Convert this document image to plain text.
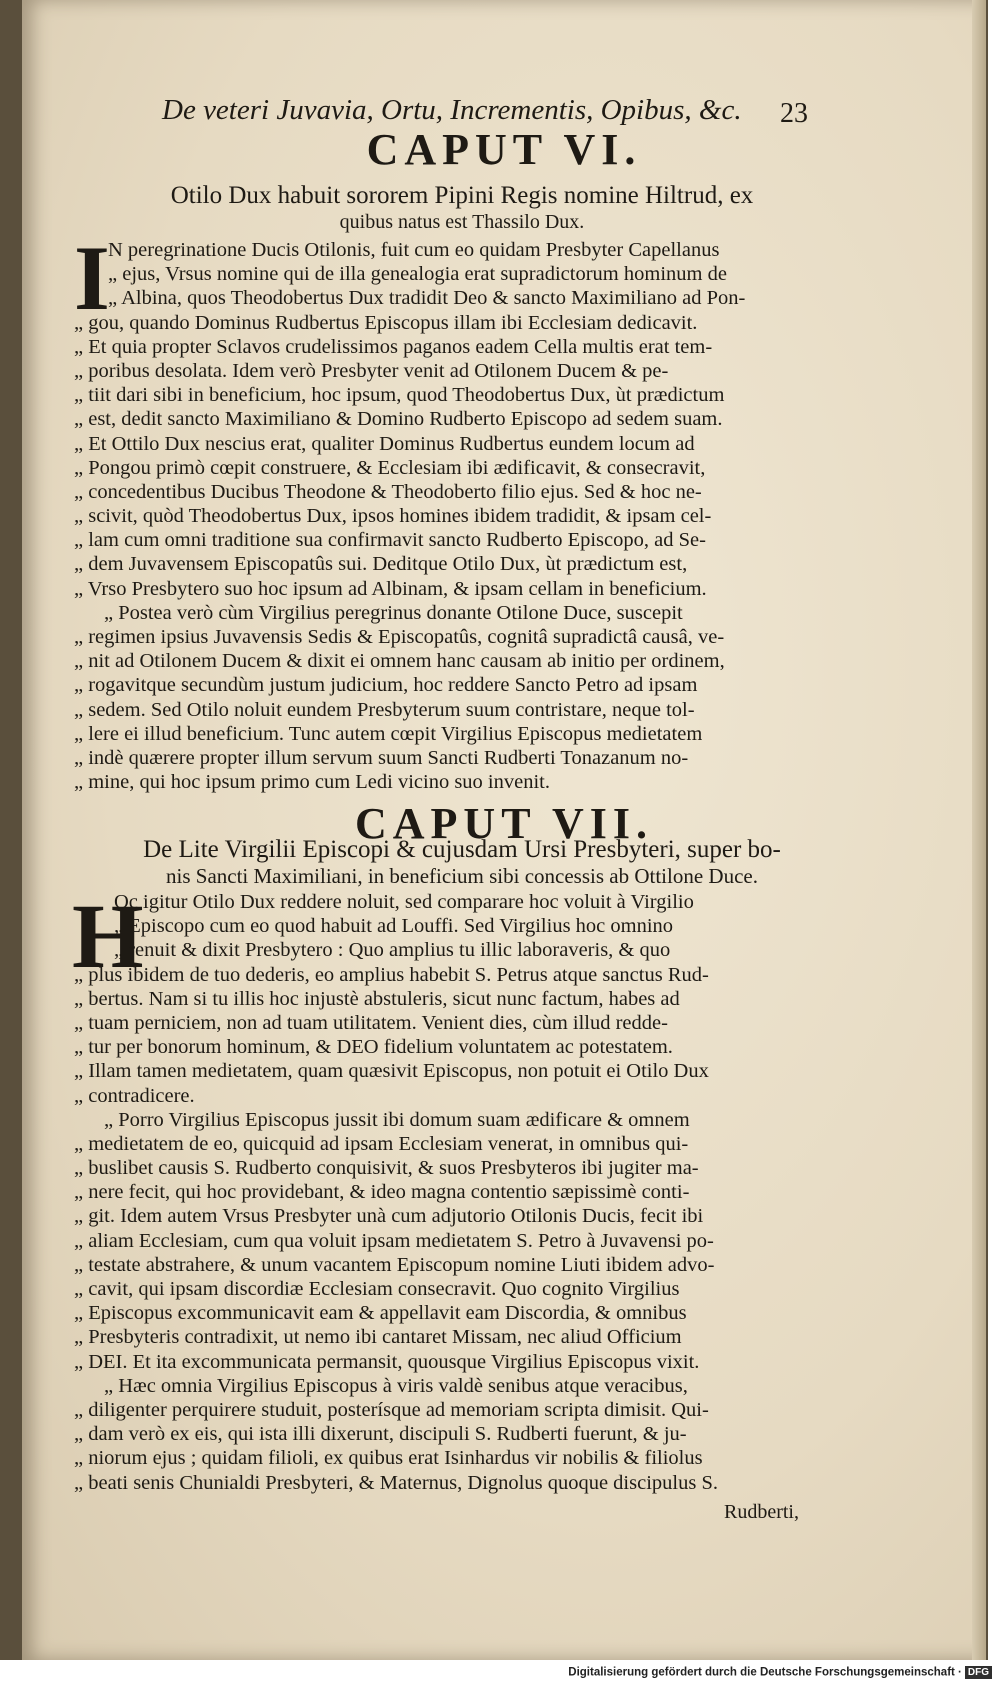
De veteri Juvavia, Ortu, Incrementis, Opibus, &c.	23
CAPUT VI.
Otilo Dux habuit sororem Pipini Regis nomine Hiltrud, ex
quibus natus est Thassilo Dux.
I
N peregrinatione Ducis Otilonis, fuit cum eo quidam Presbyter Capellanus
„ ejus, Vrsus nomine qui de illa genealogia erat supradictorum hominum de
„ Albina, quos Theodobertus Dux tradidit Deo & sancto Maximiliano ad Pon-
„ gou, quando Dominus Rudbertus Episcopus illam ibi Ecclesiam dedicavit.
„ Et quia propter Sclavos crudelissimos paganos eadem Cella multis erat tem-
„ poribus desolata. Idem verò Presbyter venit ad Otilonem Ducem & pe-
„ tiit dari sibi in beneficium, hoc ipsum, quod Theodobertus Dux, ùt prædictum
„ est, dedit sancto Maximiliano & Domino Rudberto Episcopo ad sedem suam.
„ Et Ottilo Dux nescius erat, qualiter Dominus Rudbertus eundem locum ad
„ Pongou primò cœpit construere, & Ecclesiam ibi ædificavit, & consecravit,
„ concedentibus Ducibus Theodone & Theodoberto filio ejus. Sed & hoc ne-
„ scivit, quòd Theodobertus Dux, ipsos homines ibidem tradidit, & ipsam cel-
„ lam cum omni traditione sua confirmavit sancto Rudberto Episcopo, ad Se-
„ dem Juvavensem Episcopatûs sui. Deditque Otilo Dux, ùt prædictum est,
„ Vrso Presbytero suo hoc ipsum ad Albinam, & ipsam cellam in beneficium.
„ Postea verò cùm Virgilius peregrinus donante Otilone Duce, suscepit
„ regimen ipsius Juvavensis Sedis & Episcopatûs, cognitâ supradictâ causâ, ve-
„ nit ad Otilonem Ducem & dixit ei omnem hanc causam ab initio per ordinem,
„ rogavitque secundùm justum judicium, hoc reddere Sancto Petro ad ipsam
„ sedem. Sed Otilo noluit eundem Presbyterum suum contristare, neque tol-
„ lere ei illud beneficium. Tunc autem cœpit Virgilius Episcopus medietatem
„ indè quærere propter illum servum suum Sancti Rudberti Tonazanum no-
„ mine, qui hoc ipsum primo cum Ledi vicino suo invenit.
CAPUT VII.
De Lite Virgilii Episcopi & cujusdam Ursi Presbyteri, super bo-
nis Sancti Maximiliani, in beneficium sibi concessis ab Ottilone Duce.
H
Oc igitur Otilo Dux reddere noluit, sed comparare hoc voluit à Virgilio
„ Episcopo cum eo quod habuit ad Louffi. Sed Virgilius hoc omnino
„ renuit & dixit Presbytero : Quo amplius tu illic laboraveris, & quo
„ plus ibidem de tuo dederis, eo amplius habebit S. Petrus atque sanctus Rud-
„ bertus. Nam si tu illis hoc injustè abstuleris, sicut nunc factum, habes ad
„ tuam perniciem, non ad tuam utilitatem. Venient dies, cùm illud redde-
„ tur per bonorum hominum, & DEO fidelium voluntatem ac potestatem.
„ Illam tamen medietatem, quam quæsivit Episcopus, non potuit ei Otilo Dux
„ contradicere.
„ Porro Virgilius Episcopus jussit ibi domum suam ædificare & omnem
„ medietatem de eo, quicquid ad ipsam Ecclesiam venerat, in omnibus qui-
„ buslibet causis S. Rudberto conquisivit, & suos Presbyteros ibi jugiter ma-
„ nere fecit, qui hoc providebant, & ideo magna contentio sæpissimè conti-
„ git. Idem autem Vrsus Presbyter unà cum adjutorio Otilonis Ducis, fecit ibi
„ aliam Ecclesiam, cum qua voluit ipsam medietatem S. Petro à Juvavensi po-
„ testate abstrahere, & unum vacantem Episcopum nomine Liuti ibidem advo-
„ cavit, qui ipsam discordiæ Ecclesiam consecravit. Quo cognito Virgilius
„ Episcopus excommunicavit eam & appellavit eam Discordia, & omnibus
„ Presbyteris contradixit, ut nemo ibi cantaret Missam, nec aliud Officium
„ DEI. Et ita excommunicata permansit, quousque Virgilius Episcopus vixit.
„ Hæc omnia Virgilius Episcopus à viris valdè senibus atque veracibus,
„ diligenter perquirere studuit, posterísque ad memoriam scripta dimisit. Qui-
„ dam verò ex eis, qui ista illi dixerunt, discipuli S. Rudberti fuerunt, & ju-
„ niorum ejus ; quidam filioli, ex quibus erat Isinhardus vir nobilis & filiolus
„ beati senis Chunialdi Presbyteri, & Maternus, Dignolus quoque discipulus S.
Rudberti,
Digitalisierung gefördert durch die Deutsche Forschungsgemeinschaft · DFG
